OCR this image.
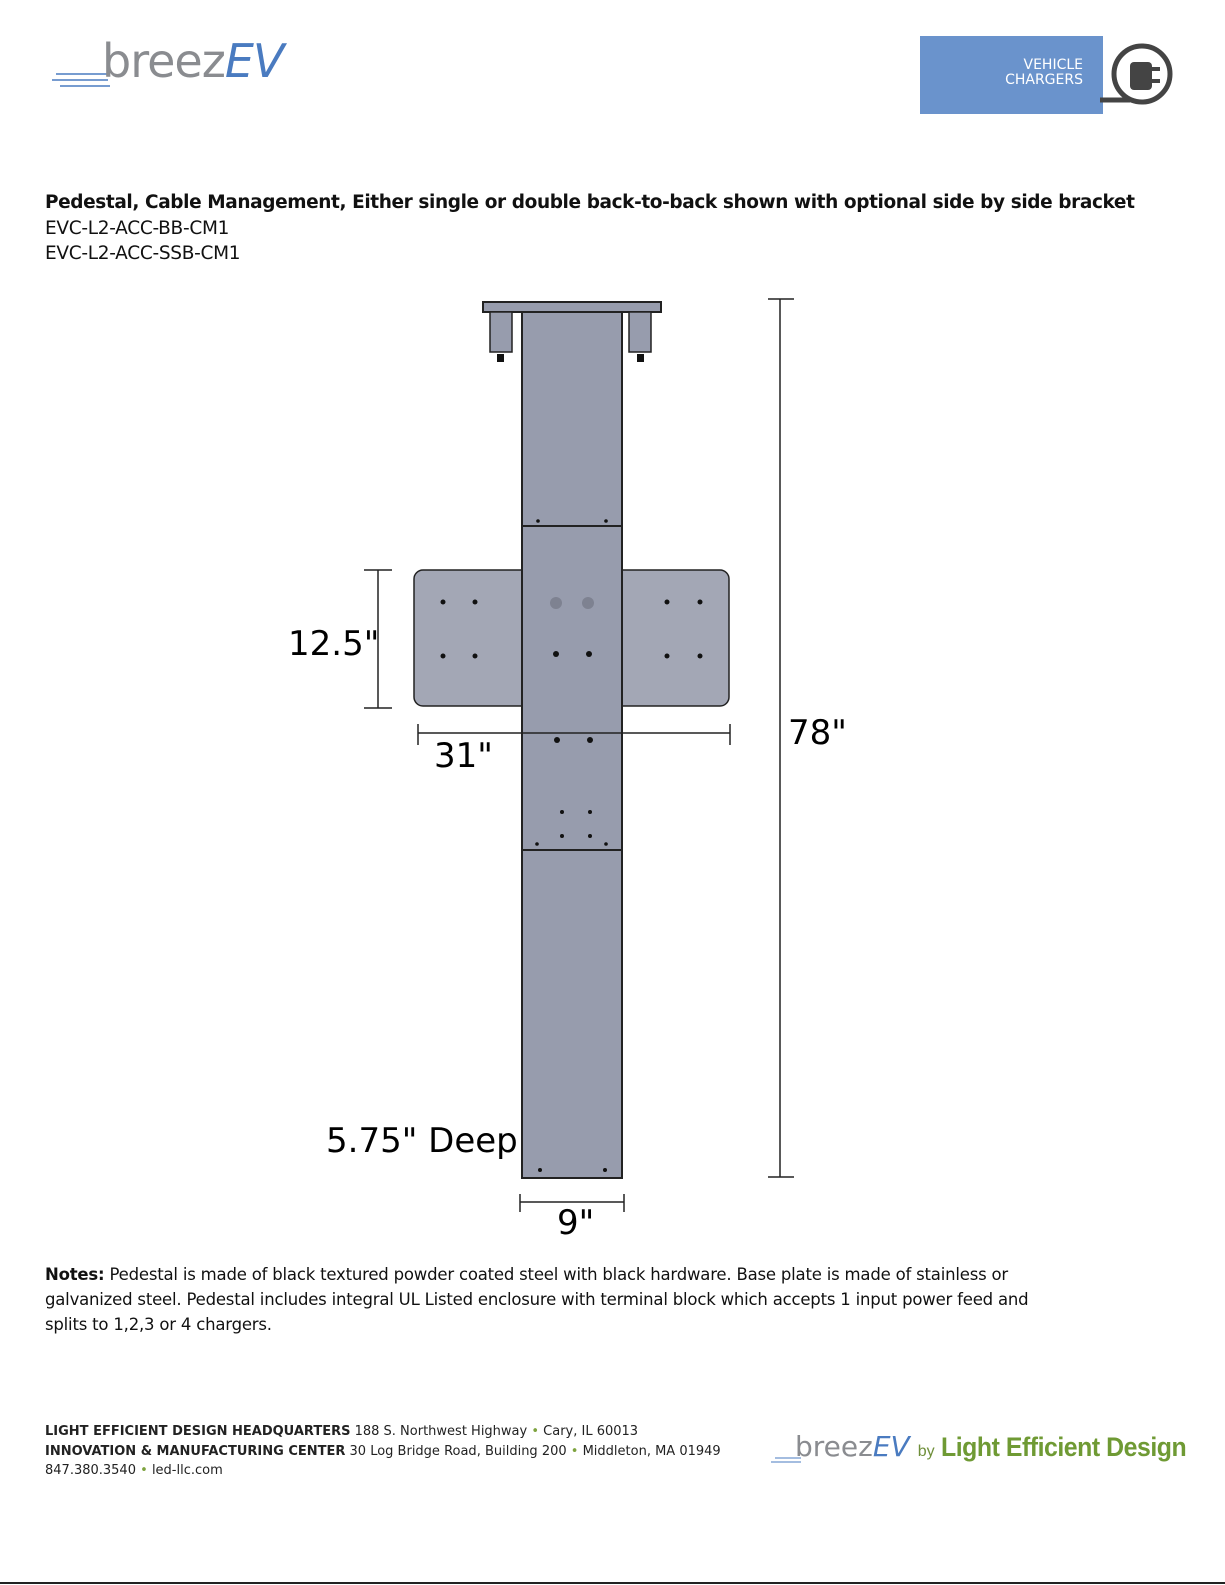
breezEV	VEHICLE
CHARGERS
Pedestal, Cable Management, Either single or double back-to-back shown with optional side by side bracket
EVC-L2-ACC-BB-CM1
EVC-L2-ACC-SSB-CM1
12.5"
31"
78"
5.75" Deep
9"
Notes: Pedestal is made of black textured powder coated steel with black hardware. Base plate is made of stainless or galvanized steel. Pedestal includes integral UL Listed enclosure with terminal block which accepts 1 input power feed and splits to 1,2,3 or 4 chargers.
LIGHT EFFICIENT DESIGN HEADQUARTERS 188 S. Northwest Highway • Cary, IL 60013
INNOVATION & MANUFACTURING CENTER 30 Log Bridge Road, Building 200 • Middleton, MA 01949
847.380.3540 • led-llc.com
breezEV by Light Efficient Design
